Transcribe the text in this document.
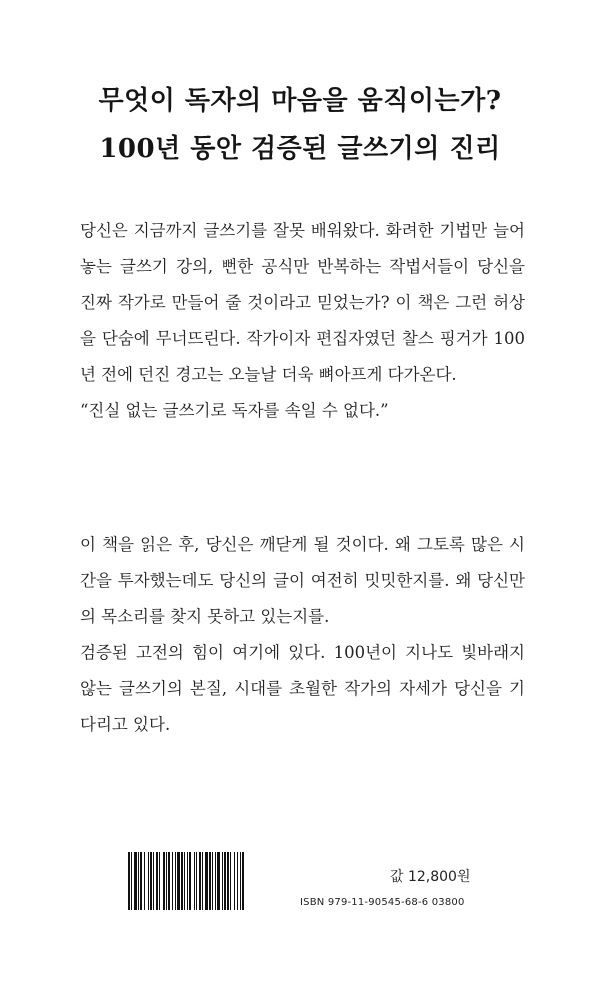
무엇이 독자의 마음을 움직이는가?
100년 동안 검증된 글쓰기의 진리

당신은 지금까지 글쓰기를 잘못 배워왔다. 화려한 기법만 늘어놓는 글쓰기 강의, 뻔한 공식만 반복하는 작법서들이 당신을 진짜 작가로 만들어 줄 것이라고 믿었는가? 이 책은 그런 허상을 단숨에 무너뜨린다. 작가이자 편집자였던 찰스 핑거가 100년 전에 던진 경고는 오늘날 더욱 뼈아프게 다가온다.

“진실 없는 글쓰기로 독자를 속일 수 없다.”

이 책을 읽은 후, 당신은 깨닫게 될 것이다. 왜 그토록 많은 시간을 투자했는데도 당신의 글이 여전히 밋밋한지를. 왜 당신만의 목소리를 찾지 못하고 있는지를.

검증된 고전의 힘이 여기에 있다. 100년이 지나도 빛바래지 않는 글쓰기의 본질, 시대를 초월한 작가의 자세가 당신을 기다리고 있다.

값 12,800원
ISBN 979-11-90545-68-6 03800
